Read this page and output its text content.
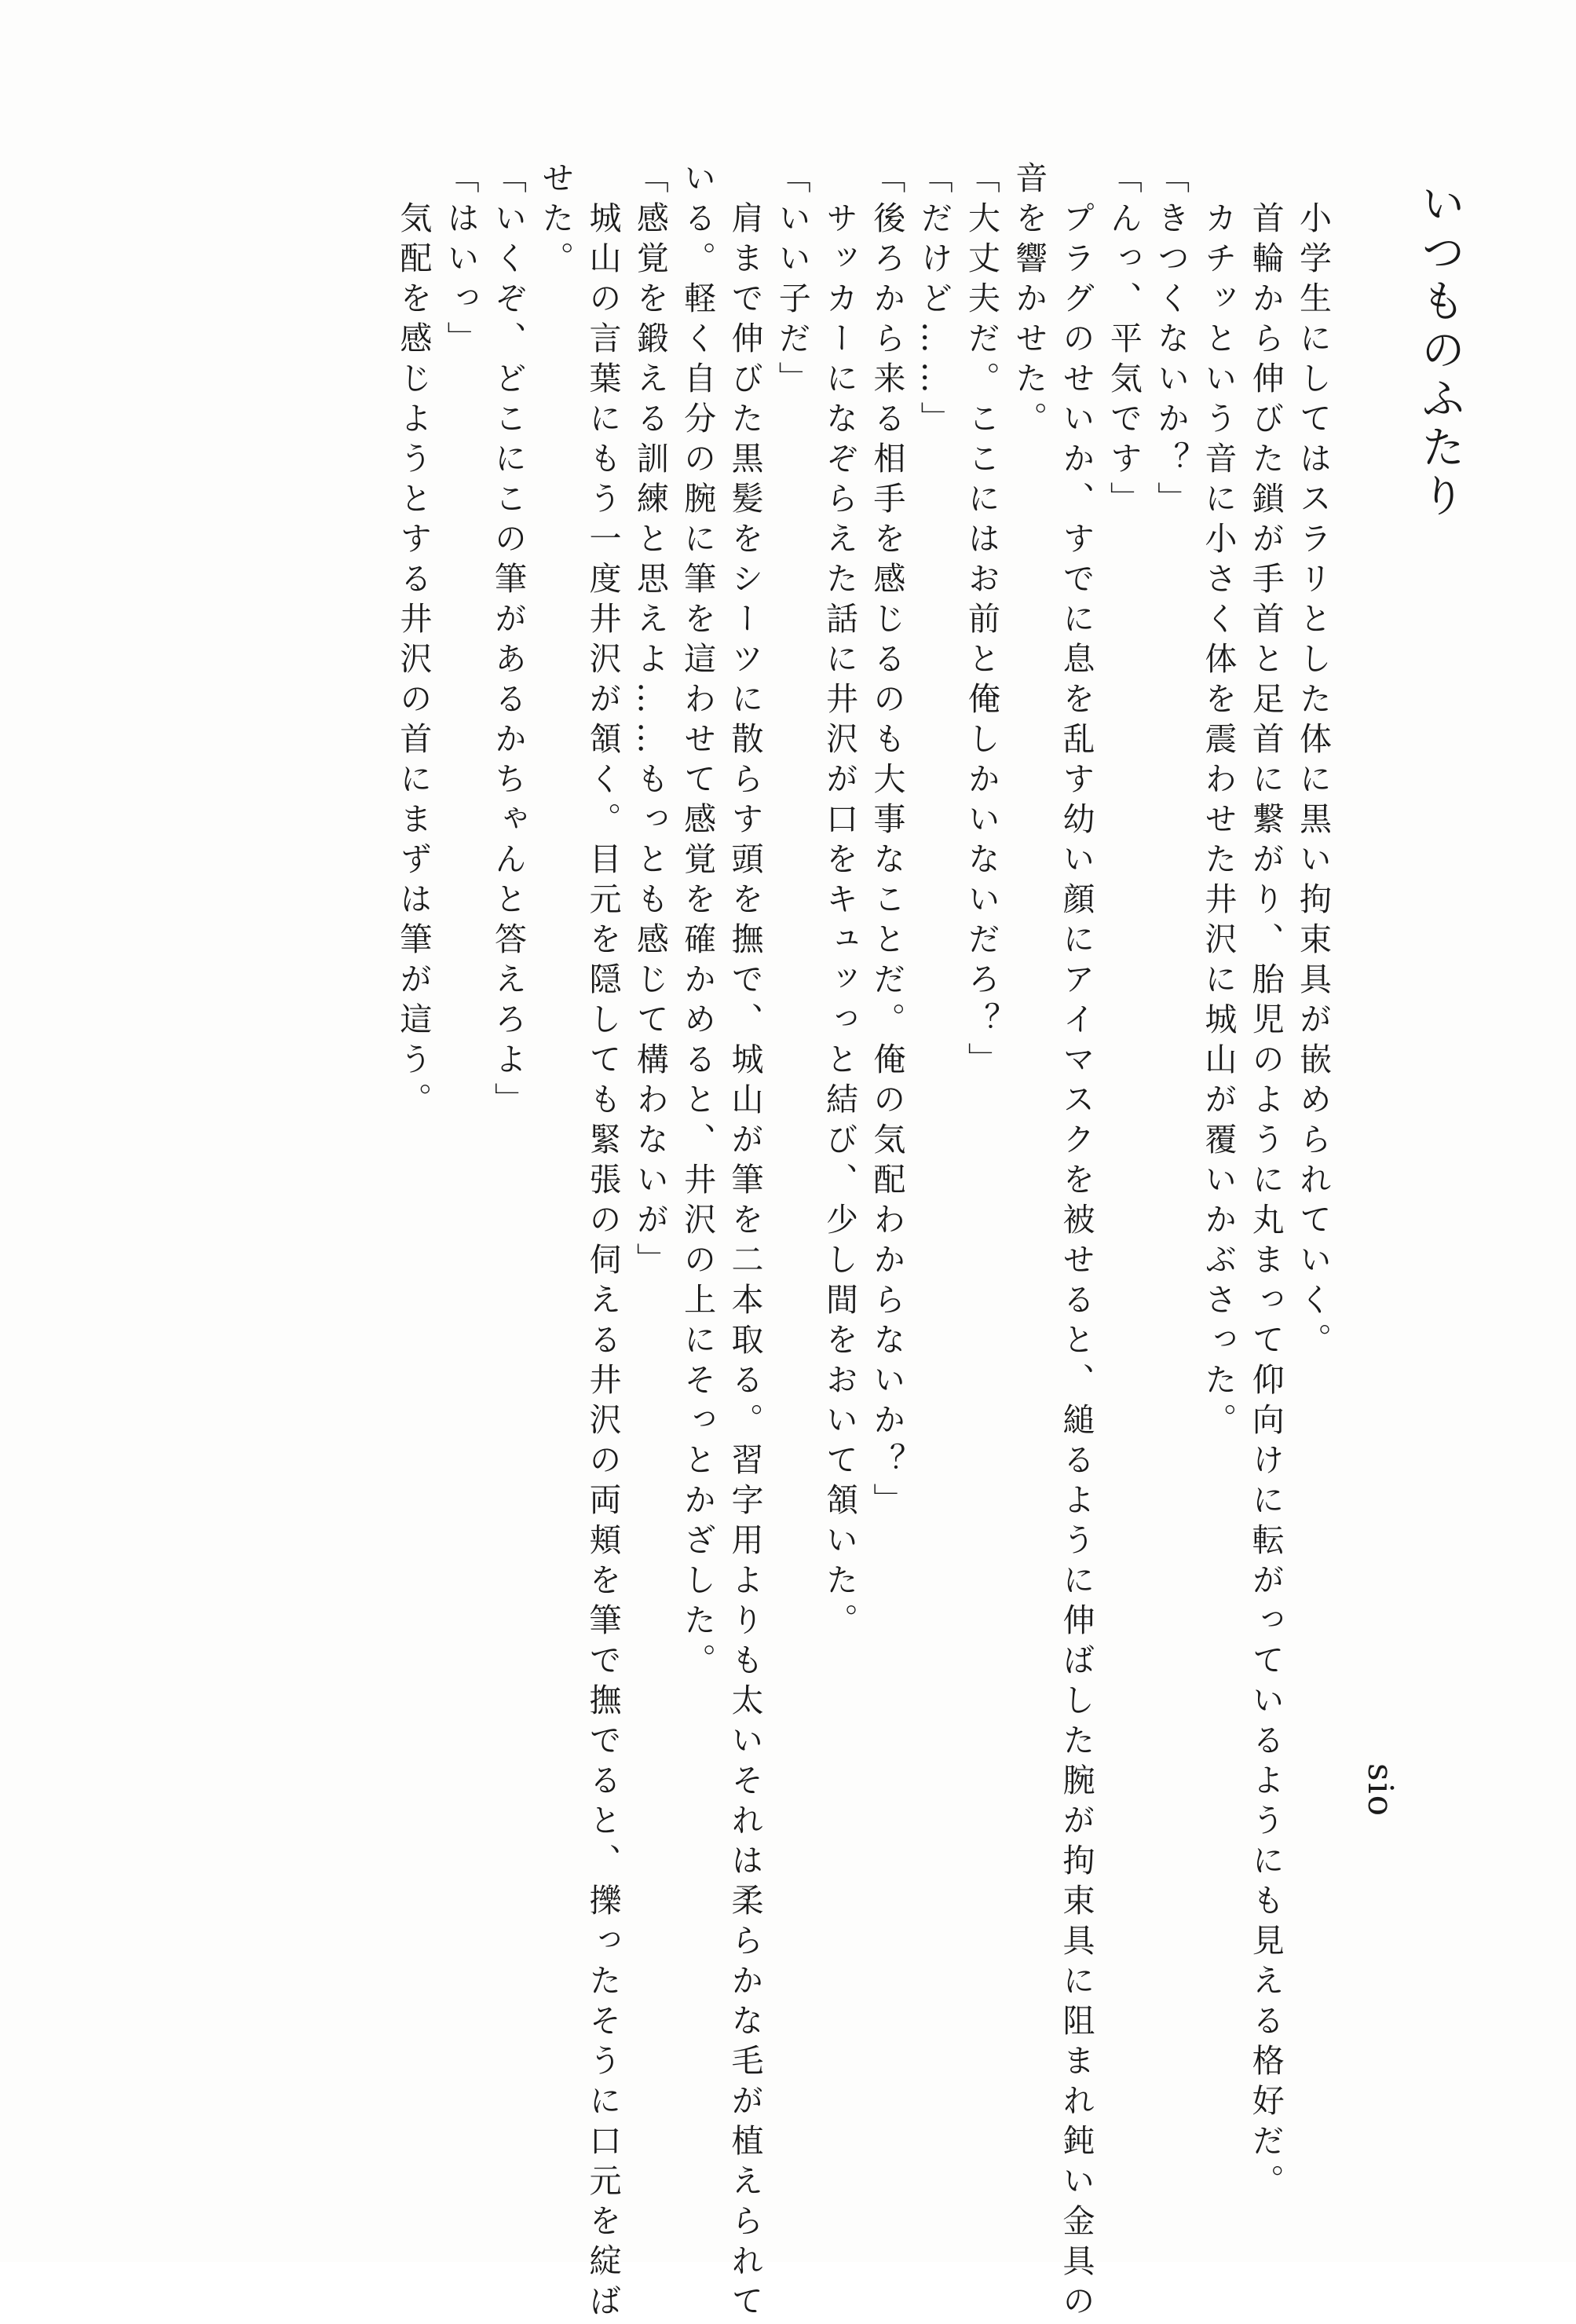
いつものふたり
sio

　小学生にしてはスラリとした体に黒い拘束具が嵌められていく。

　首輪から伸びた鎖が手首と足首に繋がり、胎児のように丸まって仰向けに転がっているようにも見える格好だ。

　カチッという音に小さく体を震わせた井沢に城山が覆いかぶさった。

「きつくないか？」

「んっ、平気です」

　プラグのせいか、すでに息を乱す幼い顔にアイマスクを被せると、縋るように伸ばした腕が拘束具に阻まれ鈍い金具の

音を響かせた。

「大丈夫だ。ここにはお前と俺しかいないだろ？」

「だけど……」

「後ろから来る相手を感じるのも大事なことだ。俺の気配わからないか？」

　サッカーになぞらえた話に井沢が口をキュッっと結び、少し間をおいて頷いた。

「いい子だ」

　肩まで伸びた黒髪をシーツに散らす頭を撫で、城山が筆を二本取る。習字用よりも太いそれは柔らかな毛が植えられて

いる。軽く自分の腕に筆を這わせて感覚を確かめると、井沢の上にそっとかざした。

「感覚を鍛える訓練と思えよ……もっとも感じて構わないが」

　城山の言葉にもう一度井沢が頷く。目元を隠しても緊張の伺える井沢の両頬を筆で撫でると、擽ったそうに口元を綻ば

せた。

「いくぞ、どこにこの筆があるかちゃんと答えろよ」

「はいっ」

　気配を感じようとする井沢の首にまずは筆が這う。
